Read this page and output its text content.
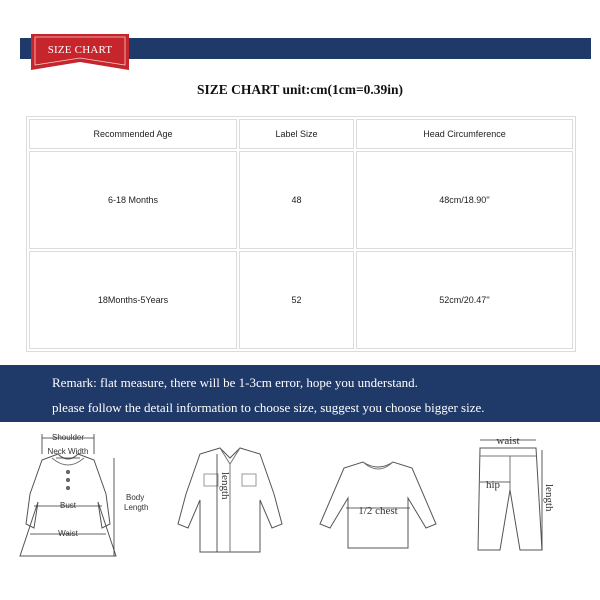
SIZE CHART
SIZE CHART unit:cm(1cm=0.39in)
Recommended Age	Label Size	Head Circumference
6-18 Months	48	48cm/18.90''
18Months-5Years	52	52cm/20.47''
Remark: flat measure, there will be 1-3cm error, hope you understand.
please follow the detail information to choose size, suggest you choose bigger size.
Shoulder
Neck Width
Bust
Waist
Body
Length
length
1/2 chest
waist
hip	length
